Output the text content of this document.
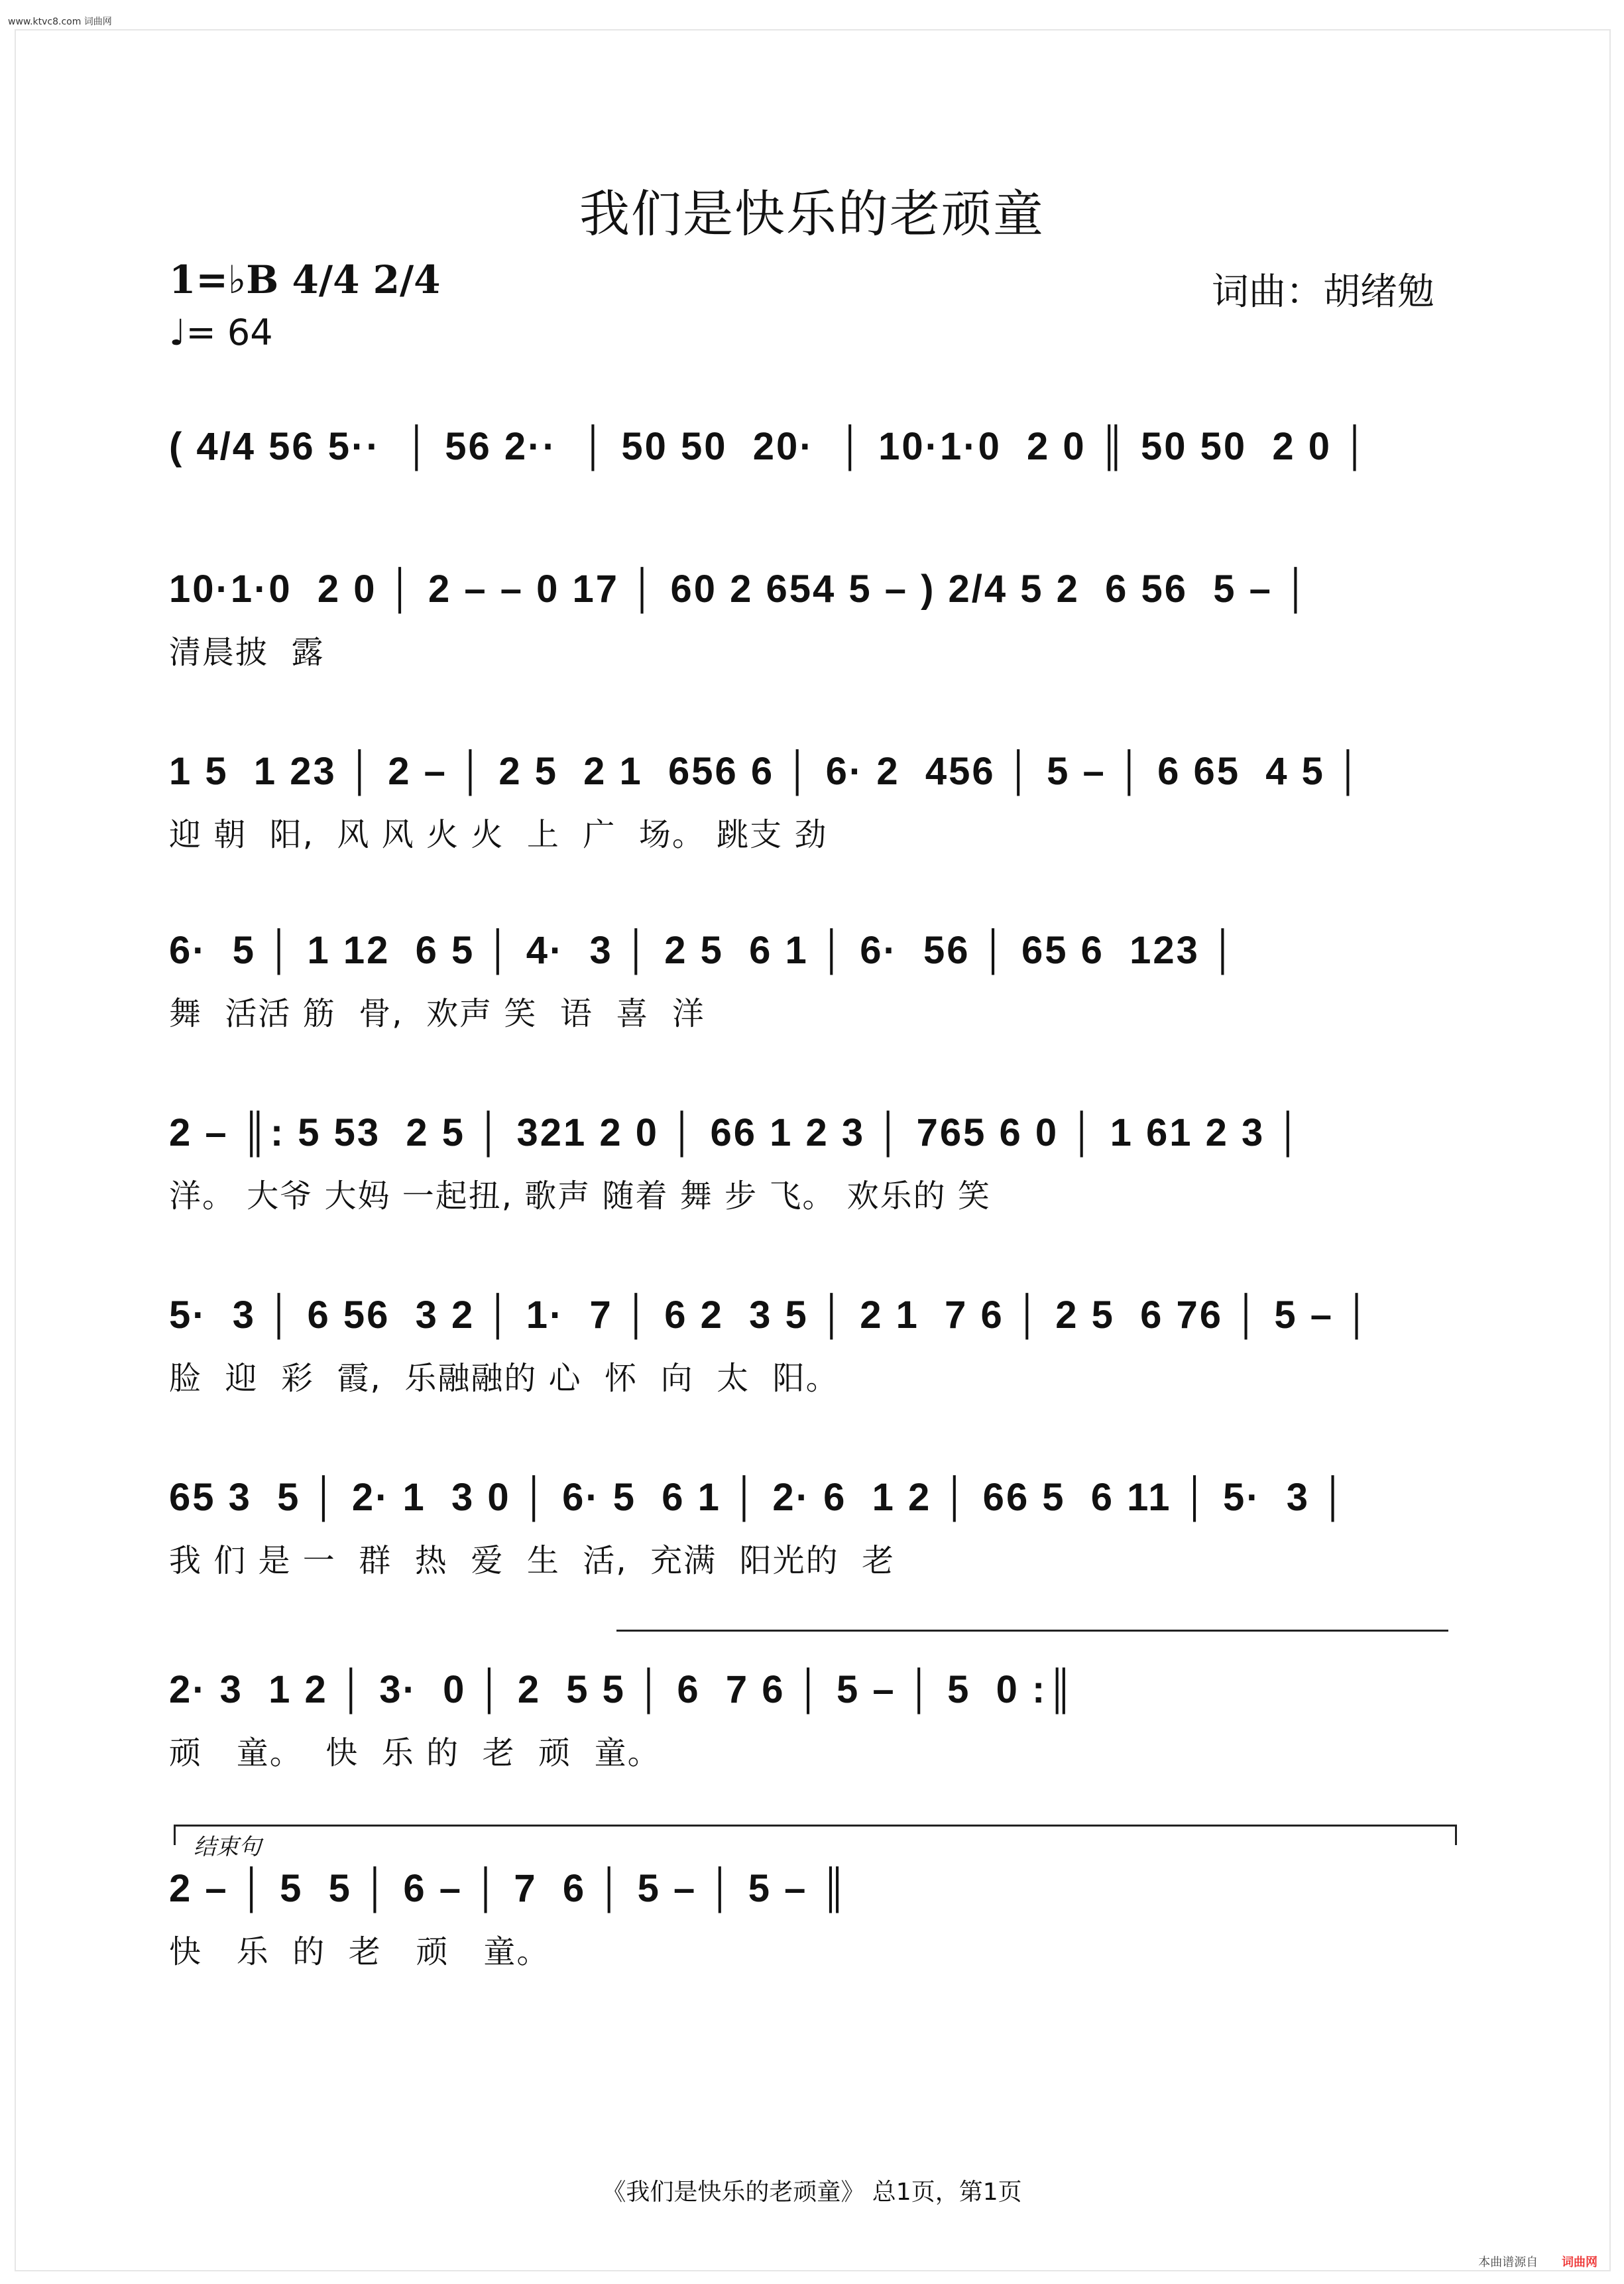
www.ktvc8.com 词曲网
我们是快乐的老顽童
1=♭B 4/4 2/4
♩= 64
词曲：胡绪勉
( 4/4 56 5··  │ 56 2··  │ 50 50  20·  │ 10·1·0  2 0 ║ 50 50  2 0 │
10·1·0  2 0 │ 2 – – 0 17 │ 60 2 654 5 – ) 2/4 5 2  6 56  5 – │
清晨披  露
1 5  1 23 │ 2 – │ 2 5  2 1  656 6 │ 6· 2  456 │ 5 – │ 6 65  4 5 │
迎 朝  阳,  风 风 火 火  上  广  场。 跳支 劲
6·  5 │ 1 12  6 5 │ 4·  3 │ 2 5  6 1 │ 6·  56 │ 65 6  123 │
舞  活活 筋  骨,  欢声 笑  语  喜  洋
2 – ║: 5 53  2 5 │ 321 2 0 │ 66 1 2 3 │ 765 6 0 │ 1 61 2 3 │
洋。 大爷 大妈 一起扭, 歌声 随着 舞 步 飞。 欢乐的 笑
5·  3 │ 6 56  3 2 │ 1·  7 │ 6 2  3 5 │ 2 1  7 6 │ 2 5  6 76 │ 5 – │
脸  迎  彩  霞,  乐融融的 心  怀  向  太  阳。
65 3  5 │ 2· 1  3 0 │ 6· 5  6 1 │ 2· 6  1 2 │ 66 5  6 11 │ 5·  3 │
我 们 是 一  群  热  爱  生  活,  充满  阳光的  老
2· 3  1 2 │ 3·  0 │ 2  5 5 │ 6  7 6 │ 5 – │ 5  0 :║
顽   童。  快  乐 的  老  顽  童。
2 – │ 5  5 │ 6 – │ 7  6 │ 5 – │ 5 – ║
快   乐  的  老   顽   童。
结束句
《我们是快乐的老顽童》 总1页，第1页
本曲谱源自 词曲网
